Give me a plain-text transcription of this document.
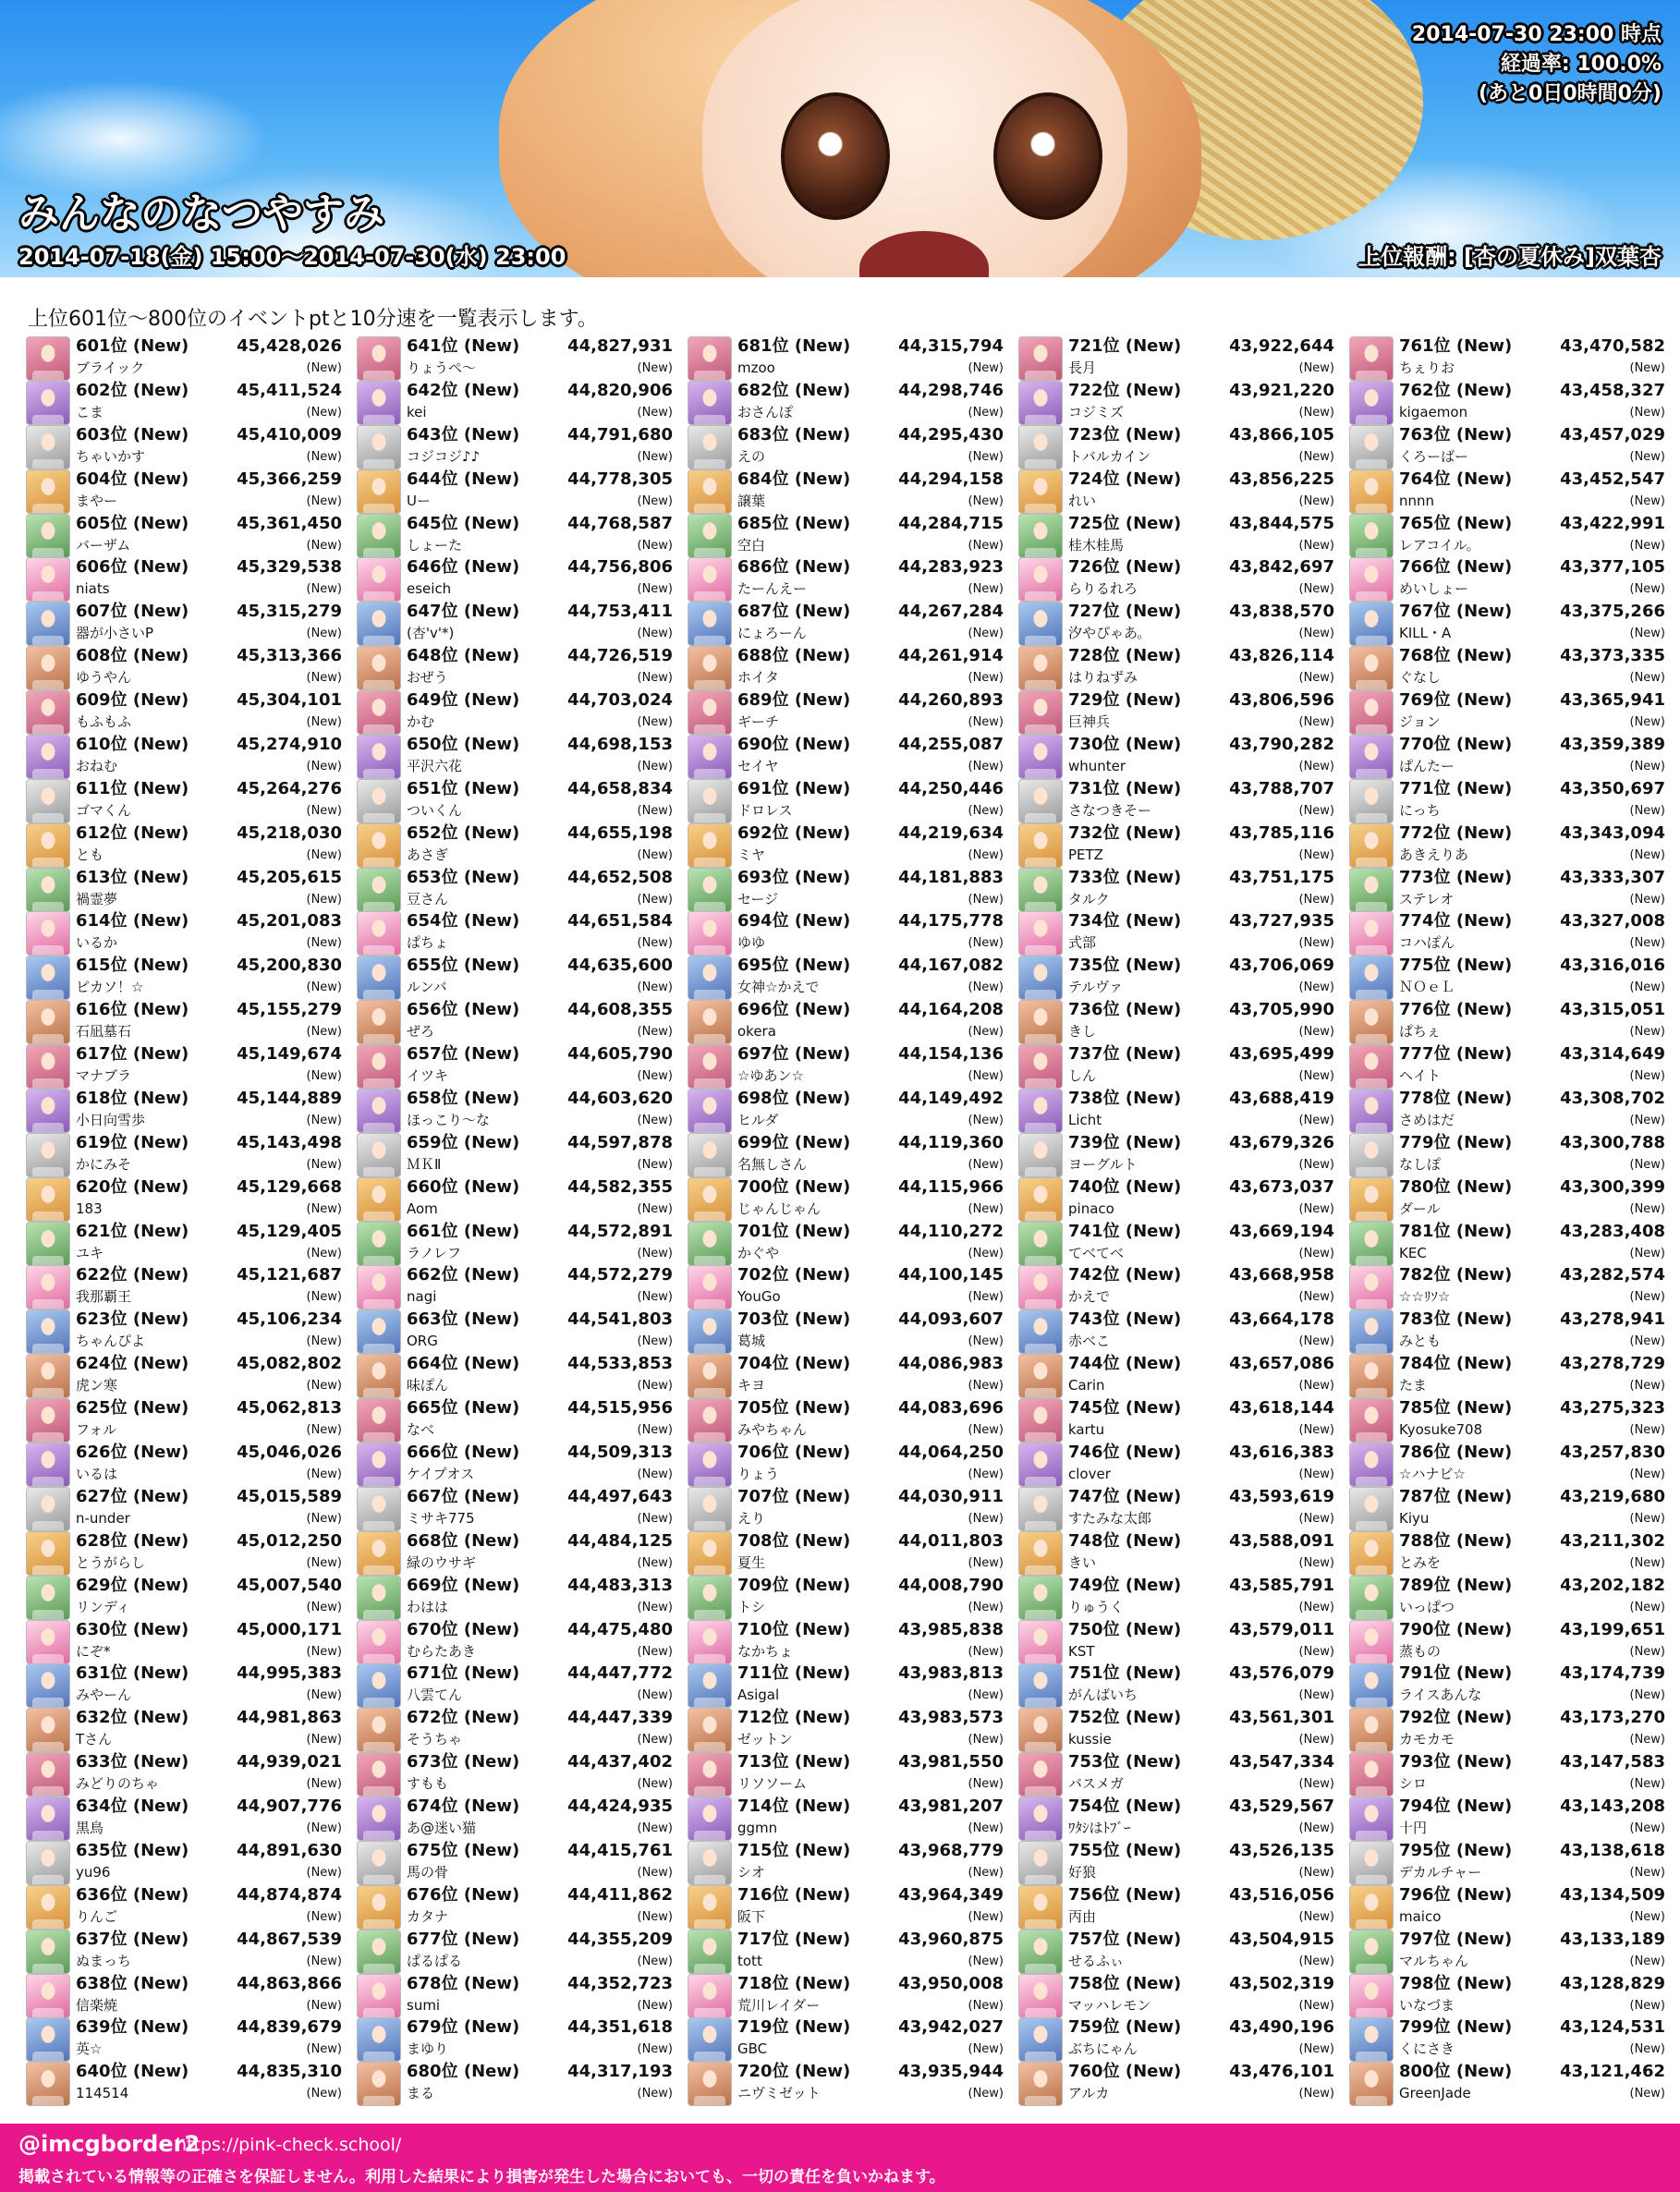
みんなのなつやすみ
2014-07-18(金) 15:00〜2014-07-30(水) 23:00
2014-07-30 23:00 時点
経過率: 100.0%
(あと0日0時間0分)
上位報酬: [杏の夏休み]双葉杏
上位601位〜800位のイベントptと10分速を一覧表示します。
601位 (New)	45,428,026
ブライック	(New)
602位 (New)	45,411,524
こま	(New)
603位 (New)	45,410,009
ちゃいかす	(New)
604位 (New)	45,366,259
まやー	(New)
605位 (New)	45,361,450
バーザム	(New)
606位 (New)	45,329,538
niats	(New)
607位 (New)	45,315,279
器が小さいP	(New)
608位 (New)	45,313,366
ゆうやん	(New)
609位 (New)	45,304,101
もふもふ	(New)
610位 (New)	45,274,910
おねむ	(New)
611位 (New)	45,264,276
ゴマくん	(New)
612位 (New)	45,218,030
とも	(New)
613位 (New)	45,205,615
禍霊夢	(New)
614位 (New)	45,201,083
いるか	(New)
615位 (New)	45,200,830
ピカソ！☆	(New)
616位 (New)	45,155,279
石凪墓石	(New)
617位 (New)	45,149,674
マナブラ	(New)
618位 (New)	45,144,889
小日向雪歩	(New)
619位 (New)	45,143,498
かにみそ	(New)
620位 (New)	45,129,668
183	(New)
621位 (New)	45,129,405
ユキ	(New)
622位 (New)	45,121,687
我那覇王	(New)
623位 (New)	45,106,234
ちゃんぴよ	(New)
624位 (New)	45,082,802
虎ン寒	(New)
625位 (New)	45,062,813
フォル	(New)
626位 (New)	45,046,026
いるは	(New)
627位 (New)	45,015,589
n-under	(New)
628位 (New)	45,012,250
とうがらし	(New)
629位 (New)	45,007,540
リンディ	(New)
630位 (New)	45,000,171
にぞ*	(New)
631位 (New)	44,995,383
みやーん	(New)
632位 (New)	44,981,863
Tさん	(New)
633位 (New)	44,939,021
みどりのちゃ	(New)
634位 (New)	44,907,776
黒鳥	(New)
635位 (New)	44,891,630
yu96	(New)
636位 (New)	44,874,874
りんご	(New)
637位 (New)	44,867,539
ぬまっち	(New)
638位 (New)	44,863,866
信楽焼	(New)
639位 (New)	44,839,679
英☆	(New)
640位 (New)	44,835,310
114514	(New)
641位 (New)	44,827,931
りょうぺ〜	(New)
642位 (New)	44,820,906
kei	(New)
643位 (New)	44,791,680
コジコジ♪♪	(New)
644位 (New)	44,778,305
Uー	(New)
645位 (New)	44,768,587
しょーた	(New)
646位 (New)	44,756,806
eseich	(New)
647位 (New)	44,753,411
(杏'v'*)	(New)
648位 (New)	44,726,519
おぜう	(New)
649位 (New)	44,703,024
かむ	(New)
650位 (New)	44,698,153
平沢六花	(New)
651位 (New)	44,658,834
ついくん	(New)
652位 (New)	44,655,198
あさぎ	(New)
653位 (New)	44,652,508
豆さん	(New)
654位 (New)	44,651,584
ぱちょ	(New)
655位 (New)	44,635,600
ルンバ	(New)
656位 (New)	44,608,355
ぜろ	(New)
657位 (New)	44,605,790
イツキ	(New)
658位 (New)	44,603,620
ほっこり〜な	(New)
659位 (New)	44,597,878
ＭＫⅡ	(New)
660位 (New)	44,582,355
Aom	(New)
661位 (New)	44,572,891
ラノレフ	(New)
662位 (New)	44,572,279
nagi	(New)
663位 (New)	44,541,803
ORG	(New)
664位 (New)	44,533,853
味ぽん	(New)
665位 (New)	44,515,956
なべ	(New)
666位 (New)	44,509,313
ケイプオス	(New)
667位 (New)	44,497,643
ミサキ775	(New)
668位 (New)	44,484,125
緑のウサギ	(New)
669位 (New)	44,483,313
わはは	(New)
670位 (New)	44,475,480
むらたあき	(New)
671位 (New)	44,447,772
八雲てん	(New)
672位 (New)	44,447,339
そうちゃ	(New)
673位 (New)	44,437,402
すもも	(New)
674位 (New)	44,424,935
あ@迷い猫	(New)
675位 (New)	44,415,761
馬の骨	(New)
676位 (New)	44,411,862
カタナ	(New)
677位 (New)	44,355,209
ぱるぱる	(New)
678位 (New)	44,352,723
sumi	(New)
679位 (New)	44,351,618
まゆり	(New)
680位 (New)	44,317,193
まる	(New)
681位 (New)	44,315,794
mzoo	(New)
682位 (New)	44,298,746
おさんぽ	(New)
683位 (New)	44,295,430
えの	(New)
684位 (New)	44,294,158
譲葉	(New)
685位 (New)	44,284,715
空白	(New)
686位 (New)	44,283,923
たーんえー	(New)
687位 (New)	44,267,284
にょろーん	(New)
688位 (New)	44,261,914
ホイタ	(New)
689位 (New)	44,260,893
ギーチ	(New)
690位 (New)	44,255,087
セイヤ	(New)
691位 (New)	44,250,446
ドロレス	(New)
692位 (New)	44,219,634
ミヤ	(New)
693位 (New)	44,181,883
セージ	(New)
694位 (New)	44,175,778
ゆゆ	(New)
695位 (New)	44,167,082
女神☆かえで	(New)
696位 (New)	44,164,208
okera	(New)
697位 (New)	44,154,136
☆ゆあン☆	(New)
698位 (New)	44,149,492
ヒルダ	(New)
699位 (New)	44,119,360
名無しさん	(New)
700位 (New)	44,115,966
じゃんじゃん	(New)
701位 (New)	44,110,272
かぐや	(New)
702位 (New)	44,100,145
YouGo	(New)
703位 (New)	44,093,607
葛城	(New)
704位 (New)	44,086,983
キヨ	(New)
705位 (New)	44,083,696
みやちゃん	(New)
706位 (New)	44,064,250
りょう	(New)
707位 (New)	44,030,911
えり	(New)
708位 (New)	44,011,803
夏生	(New)
709位 (New)	44,008,790
トシ	(New)
710位 (New)	43,985,838
なかちょ	(New)
711位 (New)	43,983,813
Asigal	(New)
712位 (New)	43,983,573
ゼットン	(New)
713位 (New)	43,981,550
リソソーム	(New)
714位 (New)	43,981,207
ggmn	(New)
715位 (New)	43,968,779
シオ	(New)
716位 (New)	43,964,349
阪下	(New)
717位 (New)	43,960,875
tott	(New)
718位 (New)	43,950,008
荒川レイダー	(New)
719位 (New)	43,942,027
GBC	(New)
720位 (New)	43,935,944
ニヴミゼット	(New)
721位 (New)	43,922,644
長月	(New)
722位 (New)	43,921,220
コジミズ	(New)
723位 (New)	43,866,105
トバルカイン	(New)
724位 (New)	43,856,225
れい	(New)
725位 (New)	43,844,575
桂木桂馬	(New)
726位 (New)	43,842,697
らりるれろ	(New)
727位 (New)	43,838,570
汐やぴゃあ。	(New)
728位 (New)	43,826,114
はりねずみ	(New)
729位 (New)	43,806,596
巨神兵	(New)
730位 (New)	43,790,282
whunter	(New)
731位 (New)	43,788,707
さなつきそー	(New)
732位 (New)	43,785,116
PETZ	(New)
733位 (New)	43,751,175
タルク	(New)
734位 (New)	43,727,935
式部	(New)
735位 (New)	43,706,069
テルヴァ	(New)
736位 (New)	43,705,990
きし	(New)
737位 (New)	43,695,499
しん	(New)
738位 (New)	43,688,419
Licht	(New)
739位 (New)	43,679,326
ヨーグルト	(New)
740位 (New)	43,673,037
pinaco	(New)
741位 (New)	43,669,194
てべてべ	(New)
742位 (New)	43,668,958
かえで	(New)
743位 (New)	43,664,178
赤べこ	(New)
744位 (New)	43,657,086
Carin	(New)
745位 (New)	43,618,144
kartu	(New)
746位 (New)	43,616,383
clover	(New)
747位 (New)	43,593,619
すたみな太郎	(New)
748位 (New)	43,588,091
きい	(New)
749位 (New)	43,585,791
りゅうく	(New)
750位 (New)	43,579,011
KST	(New)
751位 (New)	43,576,079
がんばいち	(New)
752位 (New)	43,561,301
kussie	(New)
753位 (New)	43,547,334
バスメガ	(New)
754位 (New)	43,529,567
ﾜﾀｼはﾄﾌﾞｰ	(New)
755位 (New)	43,526,135
好狼	(New)
756位 (New)	43,516,056
丙由	(New)
757位 (New)	43,504,915
せるふぃ	(New)
758位 (New)	43,502,319
マッハレモン	(New)
759位 (New)	43,490,196
ぶちにゃん	(New)
760位 (New)	43,476,101
アルカ	(New)
761位 (New)	43,470,582
ちぇりお	(New)
762位 (New)	43,458,327
kigaemon	(New)
763位 (New)	43,457,029
くろーばー	(New)
764位 (New)	43,452,547
nnnn	(New)
765位 (New)	43,422,991
レアコイル。	(New)
766位 (New)	43,377,105
めいしょー	(New)
767位 (New)	43,375,266
KILL・A	(New)
768位 (New)	43,373,335
ぐなし	(New)
769位 (New)	43,365,941
ジョン	(New)
770位 (New)	43,359,389
ぱんたー	(New)
771位 (New)	43,350,697
にっち	(New)
772位 (New)	43,343,094
あきえりあ	(New)
773位 (New)	43,333,307
ステレオ	(New)
774位 (New)	43,327,008
コハぽん	(New)
775位 (New)	43,316,016
ＮＯｅＬ	(New)
776位 (New)	43,315,051
ぱちぇ	(New)
777位 (New)	43,314,649
ヘイト	(New)
778位 (New)	43,308,702
さめはだ	(New)
779位 (New)	43,300,788
なしぽ	(New)
780位 (New)	43,300,399
ダール	(New)
781位 (New)	43,283,408
KEC	(New)
782位 (New)	43,282,574
☆☆ﾘｿ☆	(New)
783位 (New)	43,278,941
みとも	(New)
784位 (New)	43,278,729
たま	(New)
785位 (New)	43,275,323
Kyosuke708	(New)
786位 (New)	43,257,830
☆ハナビ☆	(New)
787位 (New)	43,219,680
Kiyu	(New)
788位 (New)	43,211,302
とみを	(New)
789位 (New)	43,202,182
いっぱつ	(New)
790位 (New)	43,199,651
蒸もの	(New)
791位 (New)	43,174,739
ライスあんな	(New)
792位 (New)	43,173,270
カモカモ	(New)
793位 (New)	43,147,583
シロ	(New)
794位 (New)	43,143,208
十円	(New)
795位 (New)	43,138,618
デカルチャー	(New)
796位 (New)	43,134,509
maico	(New)
797位 (New)	43,133,189
マルちゃん	(New)
798位 (New)	43,128,829
いなづま	(New)
799位 (New)	43,124,531
くにさき	(New)
800位 (New)	43,121,462
GreenJade	(New)
@imcgborder2
https://pink-check.school/
掲載されている情報等の正確さを保証しません。利用した結果により損害が発生した場合においても、一切の責任を負いかねます。
